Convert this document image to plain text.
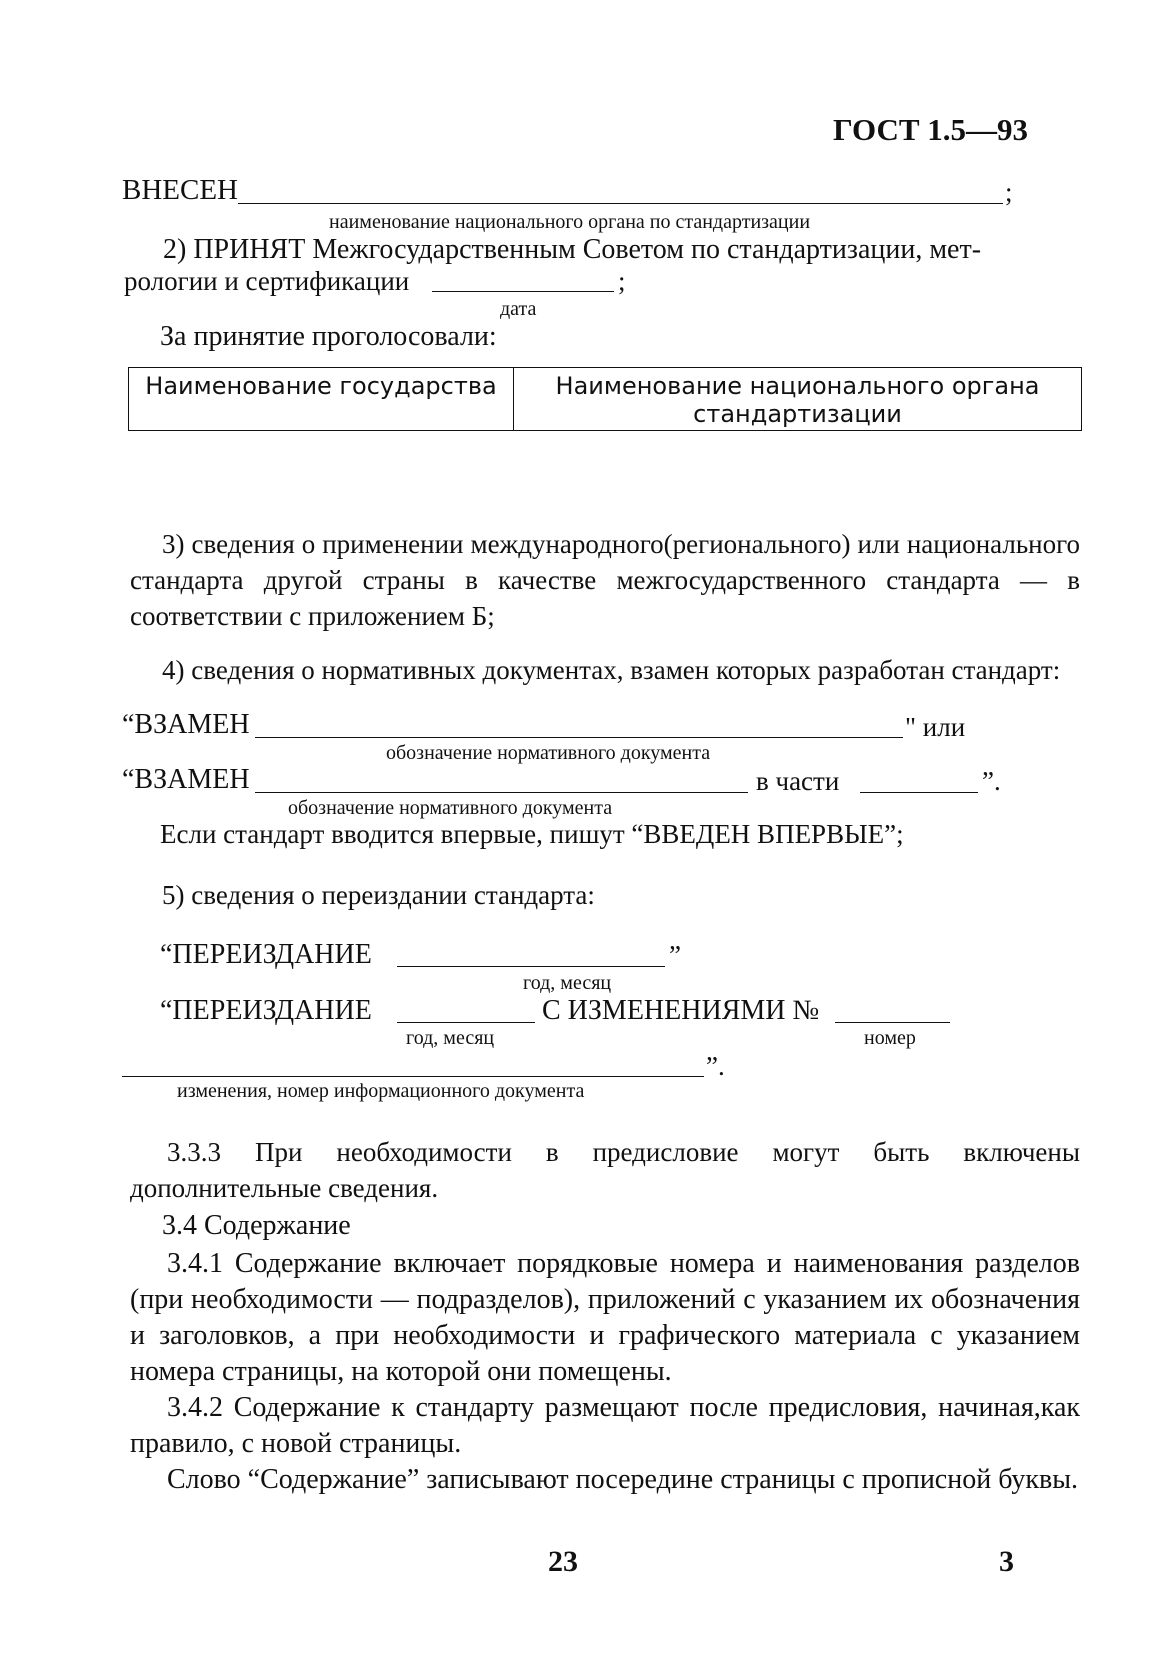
ГОСТ 1.5—93
ВНЕСЕН	;
наименование национального органа по стандартизации
2) ПРИНЯТ Межгосударственным Советом по стандартизации, мет-
рологии и сертификации	;
дата
За принятие проголосовали:
Наименование государства	Наименование национального органа стандартизации
3) сведения о применении международного(регионального) или национального стандарта другой страны в качестве межгосударственного стандарта — в соответствии с приложением Б;
4) сведения о нормативных документах, взамен которых разработан стандарт:
“ВЗАМЕН	" или
обозначение нормативного документа
“ВЗАМЕН	в части	”.
обозначение нормативного документа
Если стандарт вводится впервые, пишут “ВВЕДЕН ВПЕРВЫЕ”;
5) сведения о переиздании стандарта:
“ПЕРЕИЗДАНИЕ	”
год, месяц
“ПЕРЕИЗДАНИЕ	С ИЗМЕНЕНИЯМИ №
год, месяц	номер
”.
изменения, номер информационного документа
3.3.3 При необходимости в предисловие могут быть включены дополнительные сведения.
3.4 Содержание
3.4.1 Содержание включает порядковые номера и наименования разделов (при необходимости — подразделов), приложений с указанием их обозначения и заголовков, а при необходимости и графического материала с указанием номера страницы, на которой они помещены.
3.4.2 Содержание к стандарту размещают после предисловия, начиная,как правило, с новой страницы.
Слово “Содержание” записывают посередине страницы с прописной буквы.
23	3
